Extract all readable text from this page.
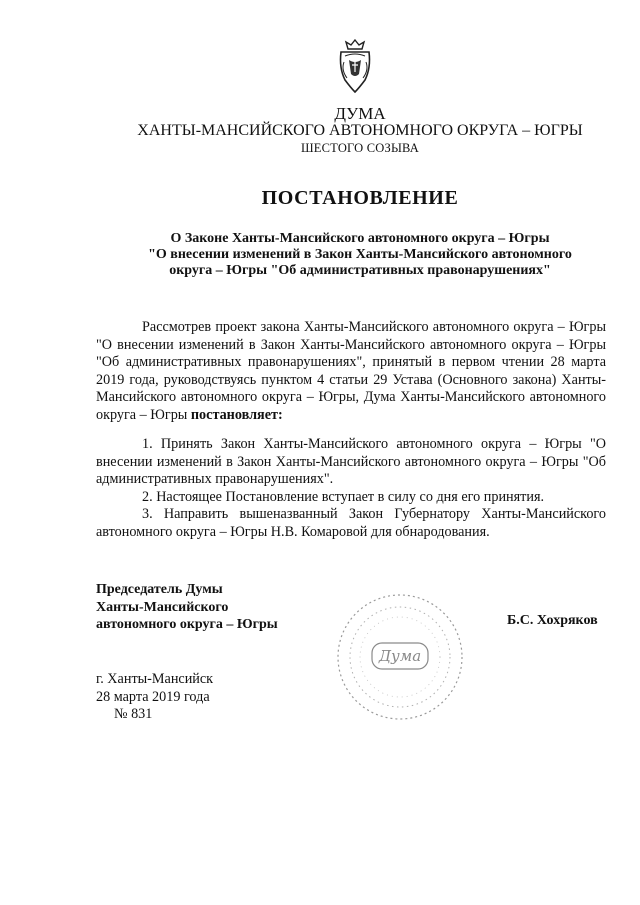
ДУМА
ХАНТЫ-МАНСИЙСКОГО АВТОНОМНОГО ОКРУГА – ЮГРЫ
ШЕСТОГО СОЗЫВА
ПОСТАНОВЛЕНИЕ
О Законе Ханты-Мансийского автономного округа – Югры
"О внесении изменений в Закон Ханты-Мансийского автономного
округа – Югры "Об административных правонарушениях"
Рассмотрев проект закона Ханты-Мансийского автономного округа – Югры "О внесении изменений в Закон Ханты-Мансийского автономного округа – Югры "Об административных правонарушениях", принятый в первом чтении 28 марта 2019 года, руководствуясь пунктом 4 статьи 29 Устава (Основного закона) Ханты-Мансийского автономного округа – Югры, Дума Ханты-Мансийского автономного округа – Югры постановляет:

1. Принять Закон Ханты-Мансийского автономного округа – Югры "О внесении изменений в Закон Ханты-Мансийского автономного округа – Югры "Об административных правонарушениях".

2. Настоящее Постановление вступает в силу со дня его принятия.

3. Направить вышеназванный Закон Губернатору Ханты-Мансийского автономного округа – Югры Н.В. Комаровой для обнародования.

Председатель Думы
Ханты-Мансийского
автономного округа – Югры
Дума
Б.С. Хохряков
г. Ханты-Мансийск
28 марта 2019 года
№ 831
